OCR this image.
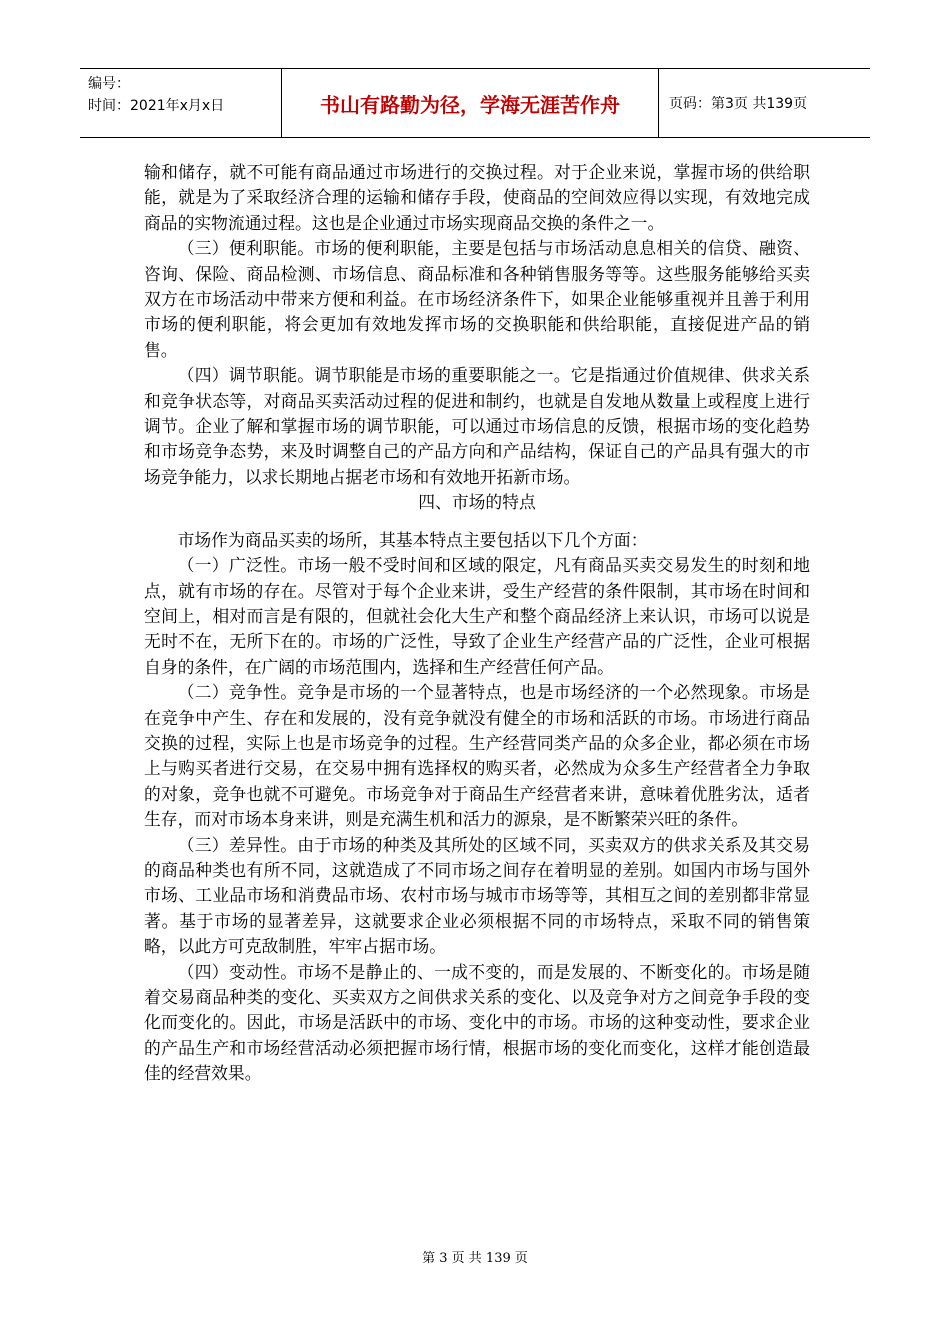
编号：
时间：2021年x月x日	书山有路勤为径，学海无涯苦作舟	页码：第3页 共139页

输和储存，就不可能有商品通过市场进行的交换过程。对于企业来说，掌握市场的供给职能，就是为了采取经济合理的运输和储存手段，使商品的空间效应得以实现，有效地完成商品的实物流通过程。这也是企业通过市场实现商品交换的条件之一。

（三）便利职能。市场的便利职能，主要是包括与市场活动息息相关的信贷、融资、咨询、保险、商品检测、市场信息、商品标准和各种销售服务等等。这些服务能够给买卖双方在市场活动中带来方便和利益。在市场经济条件下，如果企业能够重视并且善于利用市场的便利职能，将会更加有效地发挥市场的交换职能和供给职能，直接促进产品的销售。

（四）调节职能。调节职能是市场的重要职能之一。它是指通过价值规律、供求关系和竞争状态等，对商品买卖活动过程的促进和制约，也就是自发地从数量上或程度上进行调节。企业了解和掌握市场的调节职能，可以通过市场信息的反馈，根据市场的变化趋势和市场竞争态势，来及时调整自己的产品方向和产品结构，保证自己的产品具有强大的市场竞争能力，以求长期地占据老市场和有效地开拓新市场。

四、市场的特点

市场作为商品买卖的场所，其基本特点主要包括以下几个方面：

（一）广泛性。市场一般不受时间和区域的限定，凡有商品买卖交易发生的时刻和地点，就有市场的存在。尽管对于每个企业来讲，受生产经营的条件限制，其市场在时间和空间上，相对而言是有限的，但就社会化大生产和整个商品经济上来认识，市场可以说是无时不在，无所下在的。市场的广泛性，导致了企业生产经营产品的广泛性，企业可根据自身的条件，在广阔的市场范围内，选择和生产经营任何产品。

（二）竞争性。竞争是市场的一个显著特点，也是市场经济的一个必然现象。市场是在竞争中产生、存在和发展的，没有竞争就没有健全的市场和活跃的市场。市场进行商品交换的过程，实际上也是市场竞争的过程。生产经营同类产品的众多企业，都必须在市场上与购买者进行交易，在交易中拥有选择权的购买者，必然成为众多生产经营者全力争取的对象，竞争也就不可避免。市场竞争对于商品生产经营者来讲，意味着优胜劣汰，适者生存，而对市场本身来讲，则是充满生机和活力的源泉，是不断繁荣兴旺的条件。

（三）差异性。由于市场的种类及其所处的区域不同，买卖双方的供求关系及其交易的商品种类也有所不同，这就造成了不同市场之间存在着明显的差别。如国内市场与国外市场、工业品市场和消费品市场、农村市场与城市市场等等，其相互之间的差别都非常显著。基于市场的显著差异，这就要求企业必须根据不同的市场特点，采取不同的销售策略，以此方可克敌制胜，牢牢占据市场。

（四）变动性。市场不是静止的、一成不变的，而是发展的、不断变化的。市场是随着交易商品种类的变化、买卖双方之间供求关系的变化、以及竞争对方之间竞争手段的变化而变化的。因此，市场是活跃中的市场、变化中的市场。市场的这种变动性，要求企业的产品生产和市场经营活动必须把握市场行情，根据市场的变化而变化，这样才能创造最佳的经营效果。

第 3 页 共 139 页
